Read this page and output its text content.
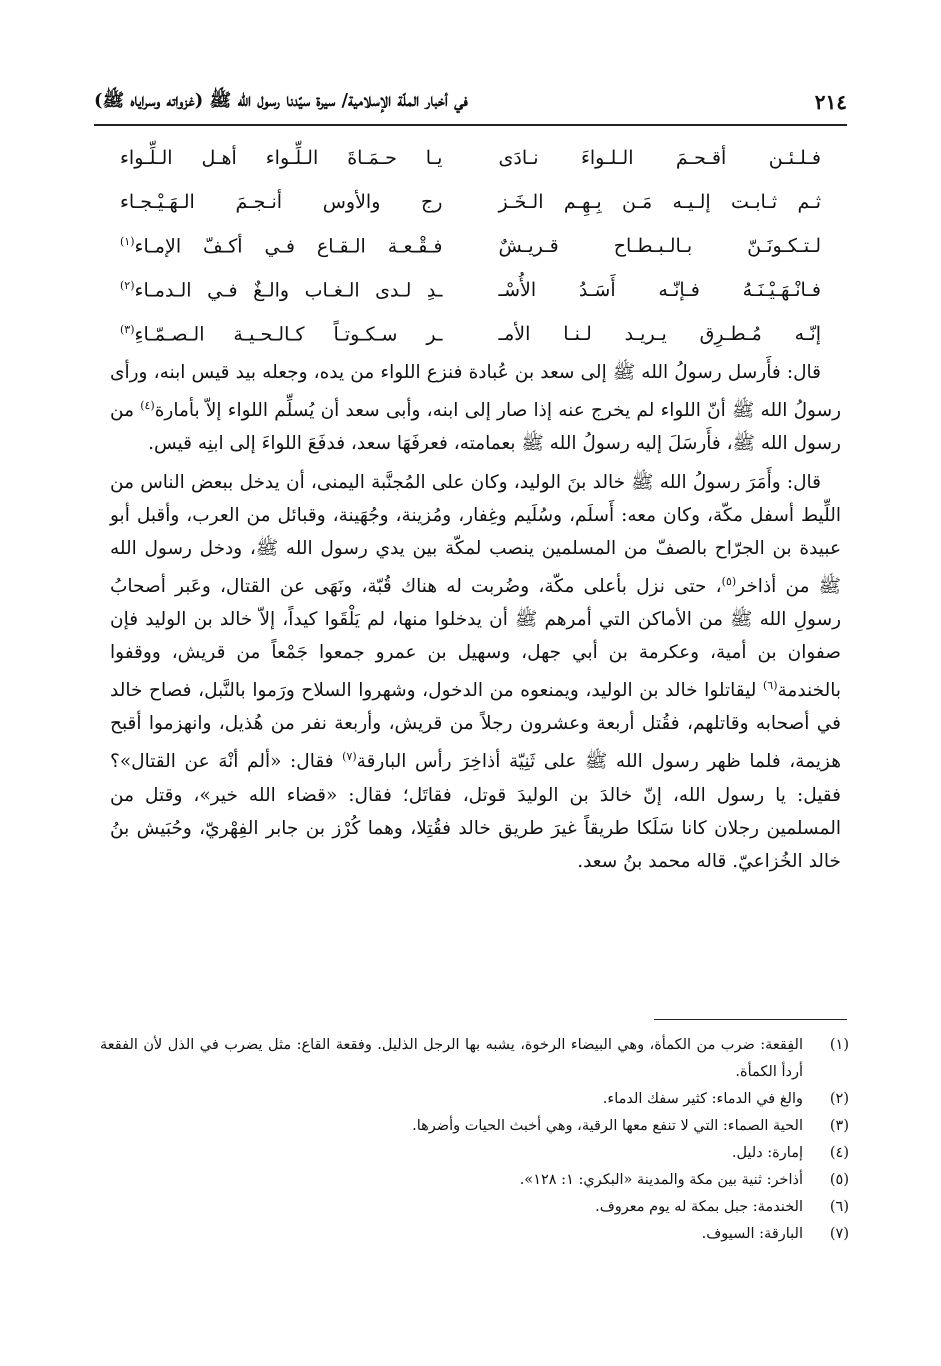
٢١٤
في أخبار الملّة الإسلامية/ سيرة سيّدنا رسول الله ﷺ (غزواته وسراياه ﷺ)
فـلـئـن أقـحـمَ الـلـواءَ نـادَى
يـا حـمَـاةَ الـلِّـواء أهـل الـلِّـواء
ثـم ثـابـت إلـيـه مَـن بِـهِـم الـخَـز
رج والأوس أنـجـمَ الـهَـيْـجـاء
لـتـكـونَـنّ بـالـبـطـاح قـريـشٌ
فـقْـعـة الـقـاع فـي أكـفّ الإمـاء$^{(١)}$
فـانْـهَـيْـنَـهُ فـإنّـه أَسَـدُ الأُسْـ
ـدِ لـدى الـغـاب والـغٌ فـي الـدمـاء$^{(٢)}$
إنّـه مُـطـرِق يـريـد لـنـا الأمـ
ـر سـكـوتـاً كـالـحـيـة الـصـمّـاءِ$^{(٣)}$

قال: فأَرسل رسولُ الله ﷺ إلى سعد بن عُبادة فنزع اللواء من يده، وجعله بيد قيس ابنه، ورأى رسولُ الله ﷺ أنّ اللواء لم يخرج عنه إذا صار إلى ابنه، وأبى سعد أن يُسلِّم اللواء إلاّ بأمارة$^{(٤)}$ من رسول الله ﷺ، فأَرسَلَ إليه رسولُ الله ﷺ بعمامته، فعرفَهَا سعد، فدفَعَ اللواءَ إلى ابنِه قيس.

قال: وأَمَرَ رسولُ الله ﷺ خالد بنَ الوليد، وكان على المُجنَّبة اليمنى، أن يدخل ببعض الناس من اللِّيط أسفل مكّة، وكان معه: أَسلَم، وسُلَيم وغِفار، ومُزينة، وجُهَينة، وقبائل من العرب، وأقبل أبو عبيدة بن الجرّاح بالصفّ من المسلمين ينصب لمكّة بين يدي رسول الله ﷺ، ودخل رسول الله ﷺ من أذاخر$^{(٥)}$، حتى نزل بأعلى مكّة، وضُربت له هناك قُبّة، ونَهَى عن القتال، وعَبر أصحابُ رسولِ الله ﷺ من الأماكن التي أمرهم ﷺ أن يدخلوا منها، لم يَلْقَوا كيداً، إلاّ خالد بن الوليد فإن صفوان بن أمية، وعكرمة بن أبي جهل، وسهيل بن عمرو جمعوا جَمْعاً من قريش، ووقفوا بالخندمة$^{(٦)}$ ليقاتلوا خالد بن الوليد، ويمنعوه من الدخول، وشهروا السلاح ورَموا بالنَّبل، فصاح خالد في أصحابه وقاتلهم، فقُتل أربعة وعشرون رجلاً من قريش، وأربعة نفر من هُذيل، وانهزموا أقبح هزيمة، فلما ظهر رسول الله ﷺ على ثَنِيّة أذاخِرَ رأس البارقة$^{(٧)}$ فقال: «ألم أنْهَ عن القتال»؟ فقيل: يا رسول الله، إنّ خالدَ بن الوليدَ قوتل، فقاتَل؛ فقال: «قضاء الله خير»، وقتل من المسلمين رجلان كانا سَلَكا طريقاً غيرَ طريق خالد فقُتِلا، وهما كُرْز بن جابر الفِهْريّ، وحُبَيش بنُ خالد الخُزاعيّ. قاله محمد بنُ سعد.

(١)
الفِقعة: ضرب من الكمأة، وهي البيضاء الرخوة، يشبه بها الرجل الذليل. وفقعة القاع: مثل يضرب في الذل لأن الفقعة أردأ الكمأة.
(٢)
والغ في الدماء: كثير سفك الدماء.
(٣)
الحية الصماء: التي لا تنفع معها الرقية، وهي أخبث الحيات وأضرها.
(٤)
إمارة: دليل.
(٥)
أذاخر: ثنية بين مكة والمدينة «البكري: ١: ١٢٨».
(٦)
الخندمة: جبل بمكة له يوم معروف.
(٧)
البارقة: السيوف.
